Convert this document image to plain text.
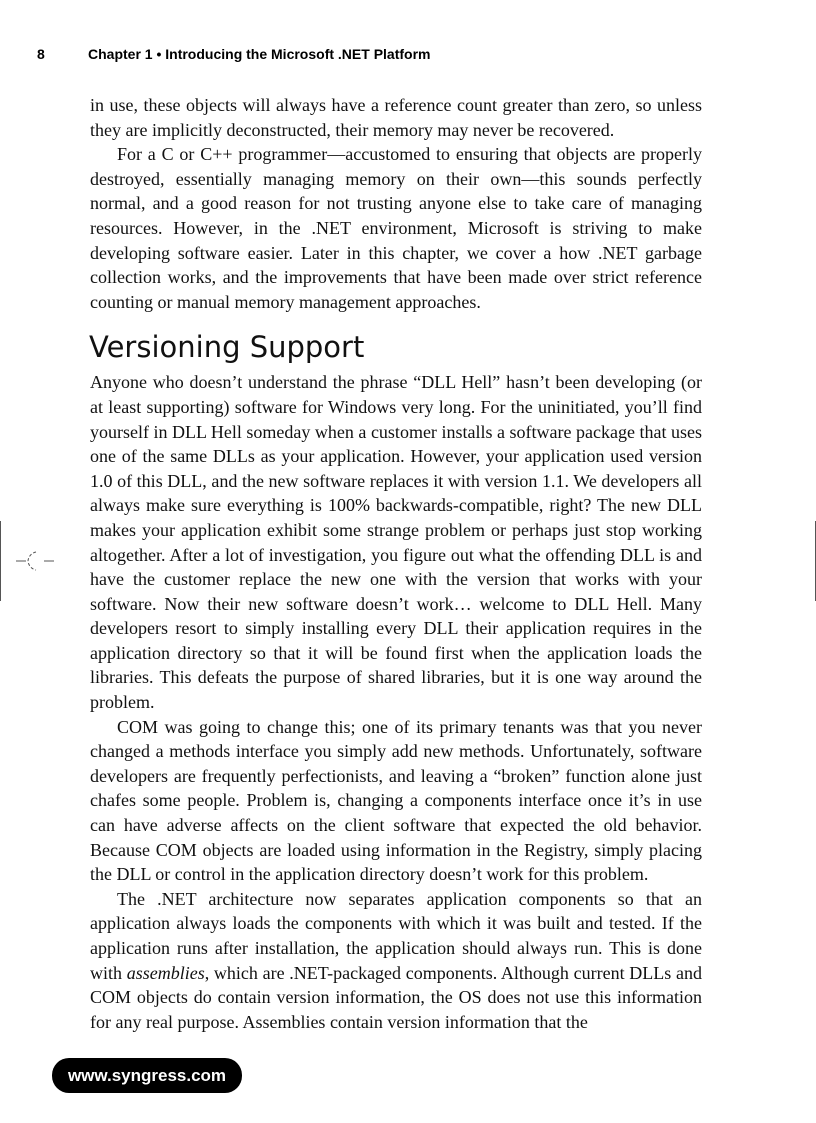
8	Chapter 1 • Introducing the Microsoft .NET Platform

in use, these objects will always have a reference count greater than zero, so unless they are implicitly deconstructed, their memory may never be recovered.

For a C or C++ programmer—accustomed to ensuring that objects are properly destroyed, essentially managing memory on their own—this sounds perfectly normal, and a good reason for not trusting anyone else to take care of managing resources. However, in the .NET environment, Microsoft is striving to make developing software easier. Later in this chapter, we cover a how .NET garbage collection works, and the improvements that have been made over strict reference counting or manual memory management approaches.

Versioning Support

Anyone who doesn’t understand the phrase “DLL Hell” hasn’t been developing (or at least supporting) software for Windows very long. For the uninitiated, you’ll find yourself in DLL Hell someday when a customer installs a software package that uses one of the same DLLs as your application. However, your application used version 1.0 of this DLL, and the new software replaces it with version 1.1. We developers all always make sure everything is 100% backwards-compatible, right? The new DLL makes your application exhibit some strange problem or perhaps just stop working altogether. After a lot of investigation, you figure out what the offending DLL is and have the customer replace the new one with the version that works with your software. Now their new software doesn’t work… welcome to DLL Hell. Many developers resort to simply installing every DLL their application requires in the application directory so that it will be found first when the application loads the libraries. This defeats the purpose of shared libraries, but it is one way around the problem.

COM was going to change this; one of its primary tenants was that you never changed a methods interface you simply add new methods. Unfortunately, software developers are frequently perfectionists, and leaving a “broken” function alone just chafes some people. Problem is, changing a components interface once it’s in use can have adverse affects on the client software that expected the old behavior. Because COM objects are loaded using information in the Registry, simply placing the DLL or control in the application directory doesn’t work for this problem.

The .NET architecture now separates application components so that an application always loads the components with which it was built and tested. If the application runs after installation, the application should always run. This is done with assemblies, which are .NET-packaged components. Although current DLLs and COM objects do contain version information, the OS does not use this information for any real purpose. Assemblies contain version information that the

www.syngress.com
